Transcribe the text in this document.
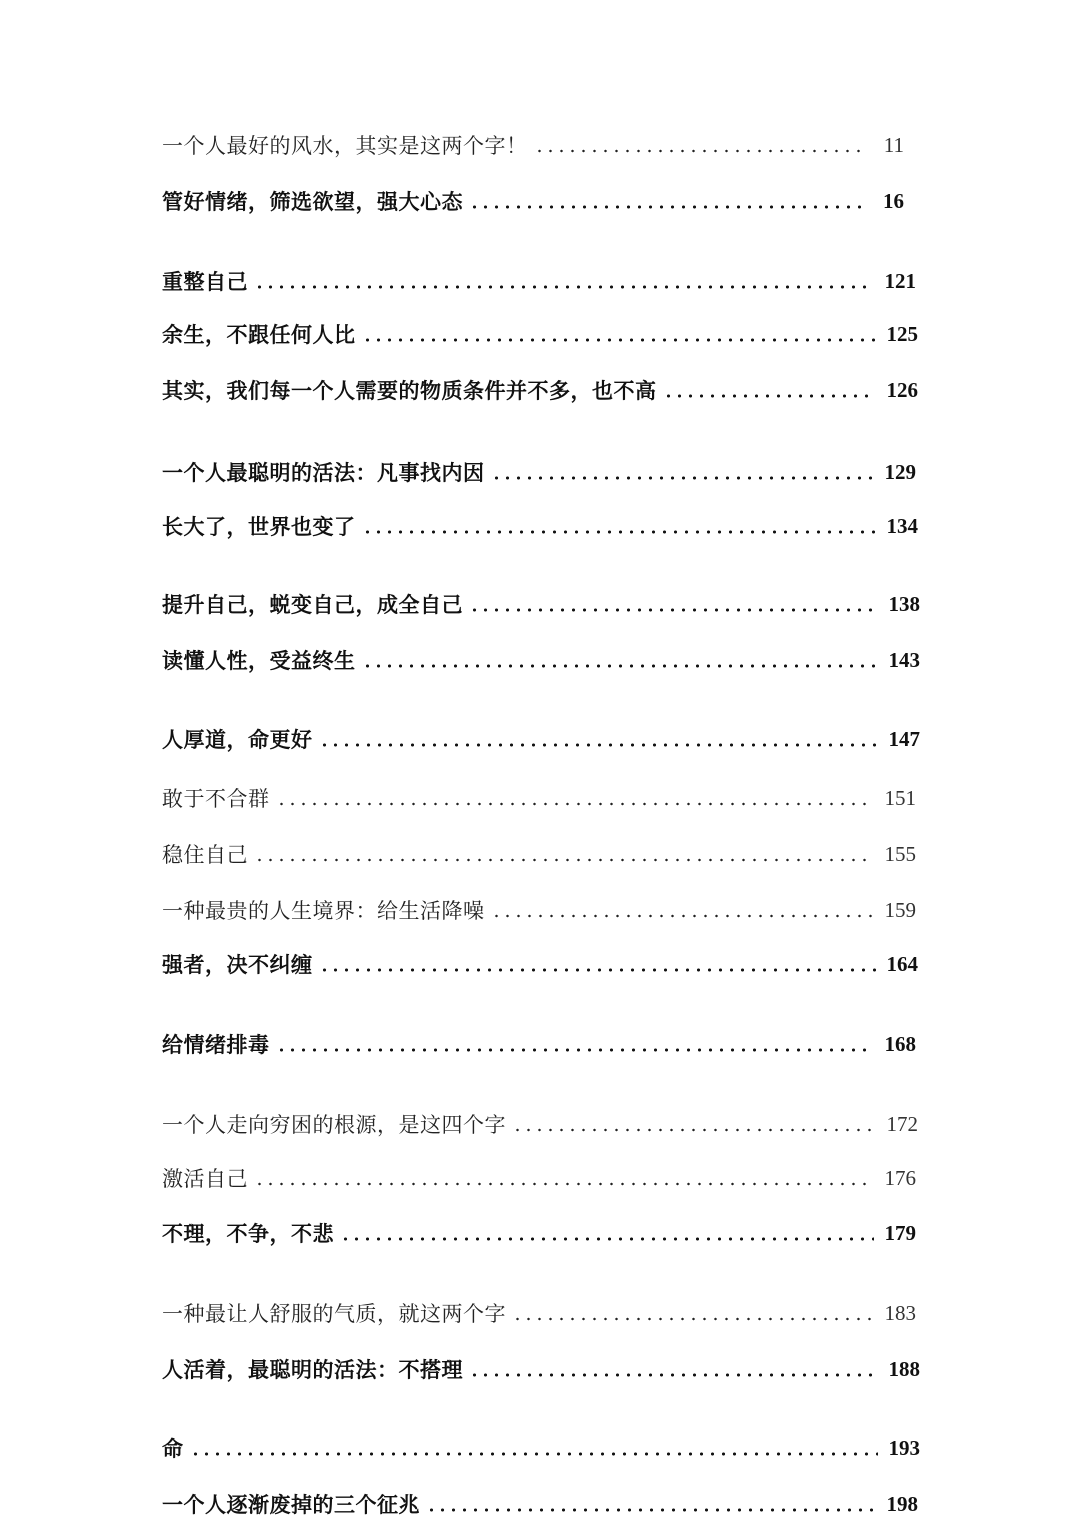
一个人最好的风水，其实是这两个字！	11
管好情绪，筛选欲望，强大心态	16
重整自己	121
余生，不跟任何人比	125
其实，我们每一个人需要的物质条件并不多，也不高	126
一个人最聪明的活法：凡事找内因	129
长大了，世界也变了	134
提升自己，蜕变自己，成全自己	138
读懂人性，受益终生	143
人厚道，命更好	147
敢于不合群	151
稳住自己	155
一种最贵的人生境界：给生活降噪	159
强者，决不纠缠	164
给情绪排毒	168
一个人走向穷困的根源，是这四个字	172
激活自己	176
不理，不争，不悲	179
一种最让人舒服的气质，就这两个字	183
人活着，最聪明的活法：不搭理	188
命	193
一个人逐渐废掉的三个征兆	198
